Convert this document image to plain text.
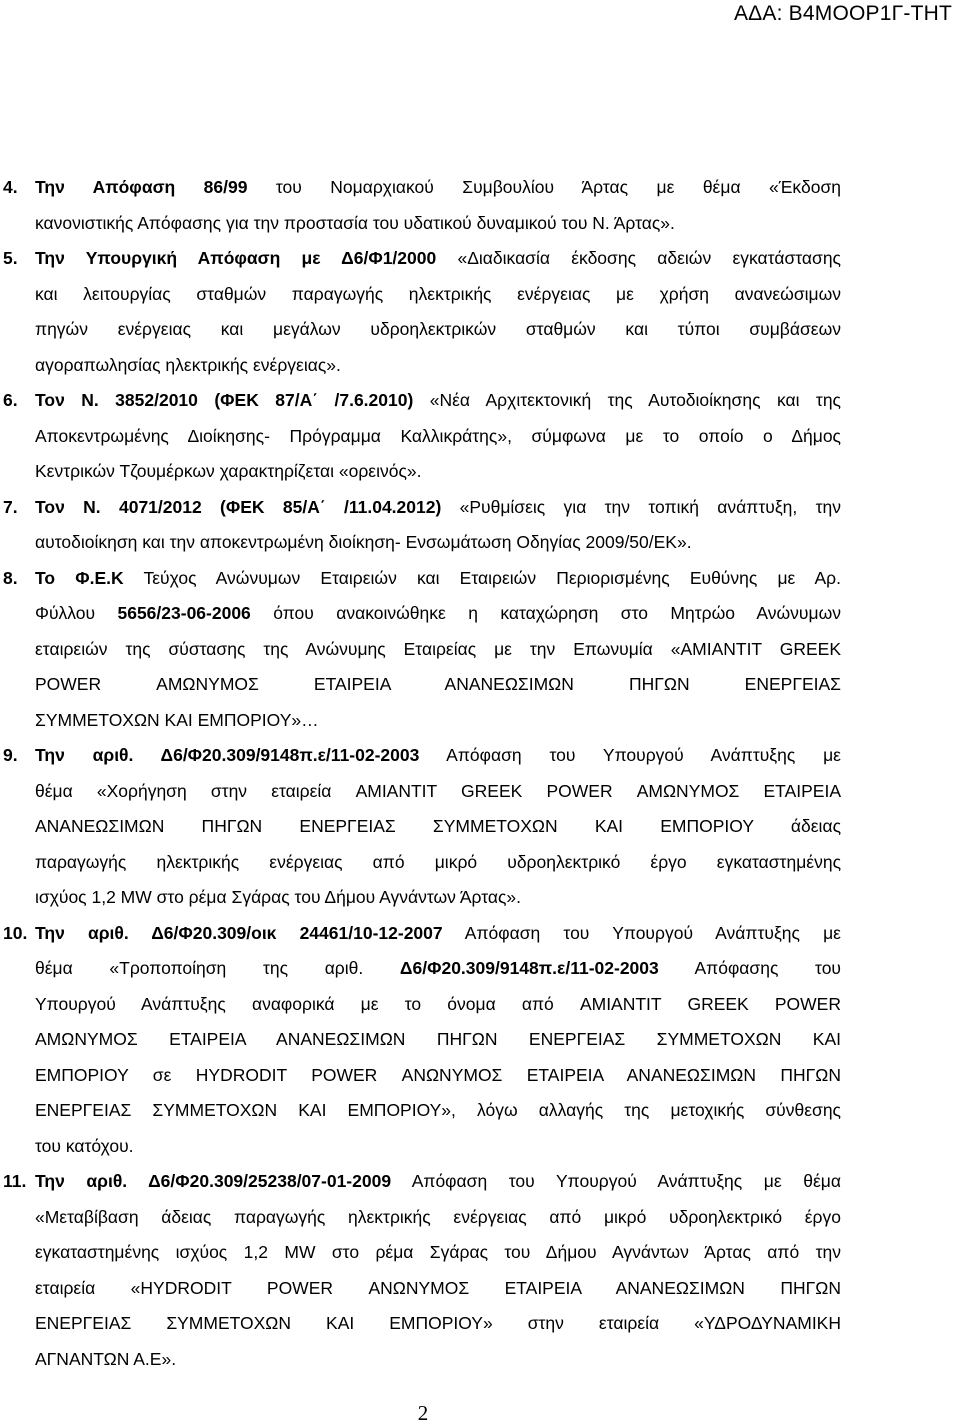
ΑΔΑ: Β4ΜΟΟΡ1Γ-ΤΗΤ
4. Την Απόφαση 86/99 του Νομαρχιακού Συμβουλίου Άρτας με θέμα «Έκδοση
κανονιστικής Απόφασης για την προστασία του υδατικού δυναμικού του Ν. Άρτας».
5. Την Υπουργική Απόφαση με Δ6/Φ1/2000 «Διαδικασία έκδοσης αδειών εγκατάστασης
και λειτουργίας σταθμών παραγωγής ηλεκτρικής ενέργειας με χρήση ανανεώσιμων
πηγών ενέργειας και μεγάλων υδροηλεκτρικών σταθμών και τύποι συμβάσεων
αγοραπωλησίας ηλεκτρικής ενέργειας».
6. Τον Ν. 3852/2010 (ΦΕΚ 87/Α΄ /7.6.2010) «Νέα Αρχιτεκτονική της Αυτοδιοίκησης και της
Αποκεντρωμένης Διοίκησης- Πρόγραμμα Καλλικράτης», σύμφωνα με το οποίο ο Δήμος
Κεντρικών Τζουμέρκων χαρακτηρίζεται «ορεινός».
7. Τον Ν. 4071/2012 (ΦΕΚ 85/Α΄ /11.04.2012) «Ρυθμίσεις για την τοπική ανάπτυξη, την
αυτοδιοίκηση και την αποκεντρωμένη διοίκηση- Ενσωμάτωση Οδηγίας 2009/50/ΕΚ».
8. Το Φ.Ε.Κ Τεύχος Ανώνυμων Εταιρειών και Εταιρειών Περιορισμένης Ευθύνης με Αρ.
Φύλλου 5656/23-06-2006 όπου ανακοινώθηκε η καταχώρηση στο Μητρώο Ανώνυμων
εταιρειών της σύστασης της Ανώνυμης Εταιρείας με την Επωνυμία «AMIANTIT GREEK
POWER ΑΜΩΝΥΜΟΣ ΕΤΑΙΡΕΙΑ ΑΝΑΝΕΩΣΙΜΩΝ ΠΗΓΩΝ ΕΝΕΡΓΕΙΑΣ
ΣΥΜΜΕΤΟΧΩΝ ΚΑΙ ΕΜΠΟΡΙΟΥ»…
9. Την αριθ. Δ6/Φ20.309/9148π.ε/11-02-2003 Απόφαση του Υπουργού Ανάπτυξης με
θέμα «Χορήγηση στην εταιρεία AMIANTIT GREEK POWER ΑΜΩΝΥΜΟΣ ΕΤΑΙΡΕΙΑ
ΑΝΑΝΕΩΣΙΜΩΝ ΠΗΓΩΝ ΕΝΕΡΓΕΙΑΣ ΣΥΜΜΕΤΟΧΩΝ ΚΑΙ ΕΜΠΟΡΙΟΥ άδειας
παραγωγής ηλεκτρικής ενέργειας από μικρό υδροηλεκτρικό έργο εγκαταστημένης
ισχύος 1,2 MW στο ρέμα Σγάρας του Δήμου Αγνάντων Άρτας».
10. Την αριθ. Δ6/Φ20.309/οικ 24461/10-12-2007 Απόφαση του Υπουργού Ανάπτυξης με
θέμα «Τροποποίηση της αριθ. Δ6/Φ20.309/9148π.ε/11-02-2003 Απόφασης του
Υπουργού Ανάπτυξης αναφορικά με το όνομα από AMIANTIT GREEK POWER
ΑΜΩΝΥΜΟΣ ΕΤΑΙΡΕΙΑ ΑΝΑΝΕΩΣΙΜΩΝ ΠΗΓΩΝ ΕΝΕΡΓΕΙΑΣ ΣΥΜΜΕΤΟΧΩΝ ΚΑΙ
ΕΜΠΟΡΙΟΥ σε HYDRODIT POWER ΑΝΩΝΥΜΟΣ ΕΤΑΙΡΕΙΑ ΑΝΑΝΕΩΣΙΜΩΝ ΠΗΓΩΝ
ΕΝΕΡΓΕΙΑΣ ΣΥΜΜΕΤΟΧΩΝ ΚΑΙ ΕΜΠΟΡΙΟΥ», λόγω αλλαγής της μετοχικής σύνθεσης
του κατόχου.
11. Την αριθ. Δ6/Φ20.309/25238/07-01-2009 Απόφαση του Υπουργού Ανάπτυξης με θέμα
«Μεταβίβαση άδειας παραγωγής ηλεκτρικής ενέργειας από μικρό υδροηλεκτρικό έργο
εγκαταστημένης ισχύος 1,2 MW στο ρέμα Σγάρας του Δήμου Αγνάντων Άρτας από την
εταιρεία «HYDRODIT POWER ΑΝΩΝΥΜΟΣ ΕΤΑΙΡΕΙΑ ΑΝΑΝΕΩΣΙΜΩΝ ΠΗΓΩΝ
ΕΝΕΡΓΕΙΑΣ ΣΥΜΜΕΤΟΧΩΝ ΚΑΙ ΕΜΠΟΡΙΟΥ» στην εταιρεία «ΥΔΡΟΔΥΝΑΜΙΚΗ
ΑΓΝΑΝΤΩΝ Α.Ε».
2
